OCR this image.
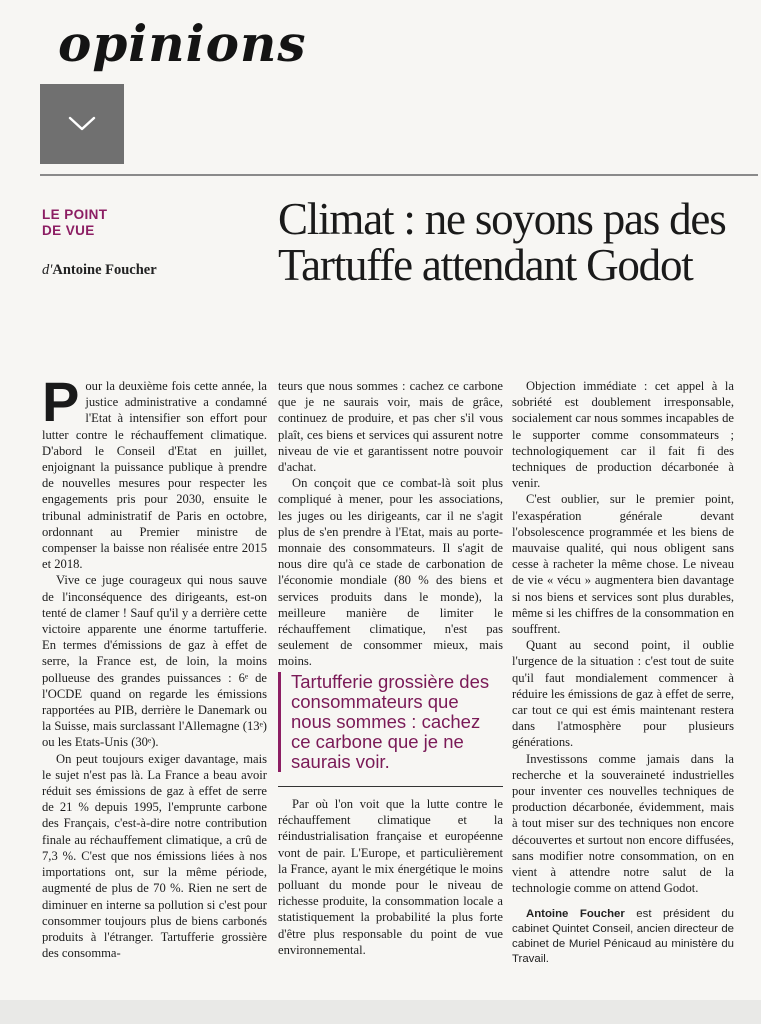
opinions
LE POINT
DE VUE
d'Antoine Foucher
Climat : ne soyons pas des Tartuffe attendant Godot

Pour la deuxième fois cette année, la justice administrative a condamné l'Etat à intensifier son effort pour lutter contre le réchauffement climatique. D'abord le Conseil d'Etat en juillet, enjoignant la puissance publique à prendre de nouvelles mesures pour respecter les engagements pris pour 2030, ensuite le tribunal administratif de Paris en octobre, ordonnant au Premier ministre de compenser la baisse non réalisée entre 2015 et 2018.

Vive ce juge courageux qui nous sauve de l'inconséquence des dirigeants, est-on tenté de clamer ! Sauf qu'il y a derrière cette victoire apparente une énorme tartufferie. En termes d'émissions de gaz à effet de serre, la France est, de loin, la moins pollueuse des grandes puissances : 6ᵉ de l'OCDE quand on regarde les émissions rapportées au PIB, derrière le Danemark ou la Suisse, mais surclassant l'Allemagne (13ᵉ) ou les Etats-Unis (30ᵉ).

On peut toujours exiger davantage, mais le sujet n'est pas là. La France a beau avoir réduit ses émissions de gaz à effet de serre de 21 % depuis 1995, l'emprunte carbone des Français, c'est-à-dire notre contribution finale au réchauffement climatique, a crû de 7,3 %. C'est que nos émissions liées à nos importations ont, sur la même période, augmenté de plus de 70 %. Rien ne sert de diminuer en interne sa pollution si c'est pour consommer toujours plus de biens carbonés produits à l'étranger. Tartufferie grossière des consomma-

teurs que nous sommes : cachez ce carbone que je ne saurais voir, mais de grâce, continuez de produire, et pas cher s'il vous plaît, ces biens et services qui assurent notre niveau de vie et garantissent notre pouvoir d'achat.

On conçoit que ce combat-là soit plus compliqué à mener, pour les associations, les juges ou les dirigeants, car il ne s'agit plus de s'en prendre à l'Etat, mais au porte-monnaie des consommateurs. Il s'agit de nous dire qu'à ce stade de carbonation de l'économie mondiale (80 % des biens et services produits dans le monde), la meilleure manière de limiter le réchauffement climatique, n'est pas seulement de consommer mieux, mais moins.

Tartufferie grossière des consommateurs que nous sommes : cachez ce carbone que je ne saurais voir.

Par où l'on voit que la lutte contre le réchauffement climatique et la réindustrialisation française et européenne vont de pair. L'Europe, et particulièrement la France, ayant le mix énergétique le moins polluant du monde pour le niveau de richesse produite, la consommation locale a statistiquement la probabilité la plus forte d'être plus responsable du point de vue environnemental.

Objection immédiate : cet appel à la sobriété est doublement irresponsable, socialement car nous sommes incapables de le supporter comme consommateurs ; technologiquement car il fait fi des techniques de production décarbonée à venir.

C'est oublier, sur le premier point, l'exaspération générale devant l'obsolescence programmée et les biens de mauvaise qualité, qui nous obligent sans cesse à racheter la même chose. Le niveau de vie « vécu » augmentera bien davantage si nos biens et services sont plus durables, même si les chiffres de la consommation en souffrent.

Quant au second point, il oublie l'urgence de la situation : c'est tout de suite qu'il faut mondialement commencer à réduire les émissions de gaz à effet de serre, car tout ce qui est émis maintenant restera dans l'atmosphère pour plusieurs générations.

Investissons comme jamais dans la recherche et la souveraineté industrielles pour inventer ces nouvelles techniques de production décarbonée, évidemment, mais à tout miser sur des techniques non encore découvertes et surtout non encore diffusées, sans modifier notre consommation, on en vient à attendre notre salut de la technologie comme on attend Godot.

Antoine Foucher est président du cabinet Quintet Conseil, ancien directeur de cabinet de Muriel Pénicaud au ministère du Travail.
